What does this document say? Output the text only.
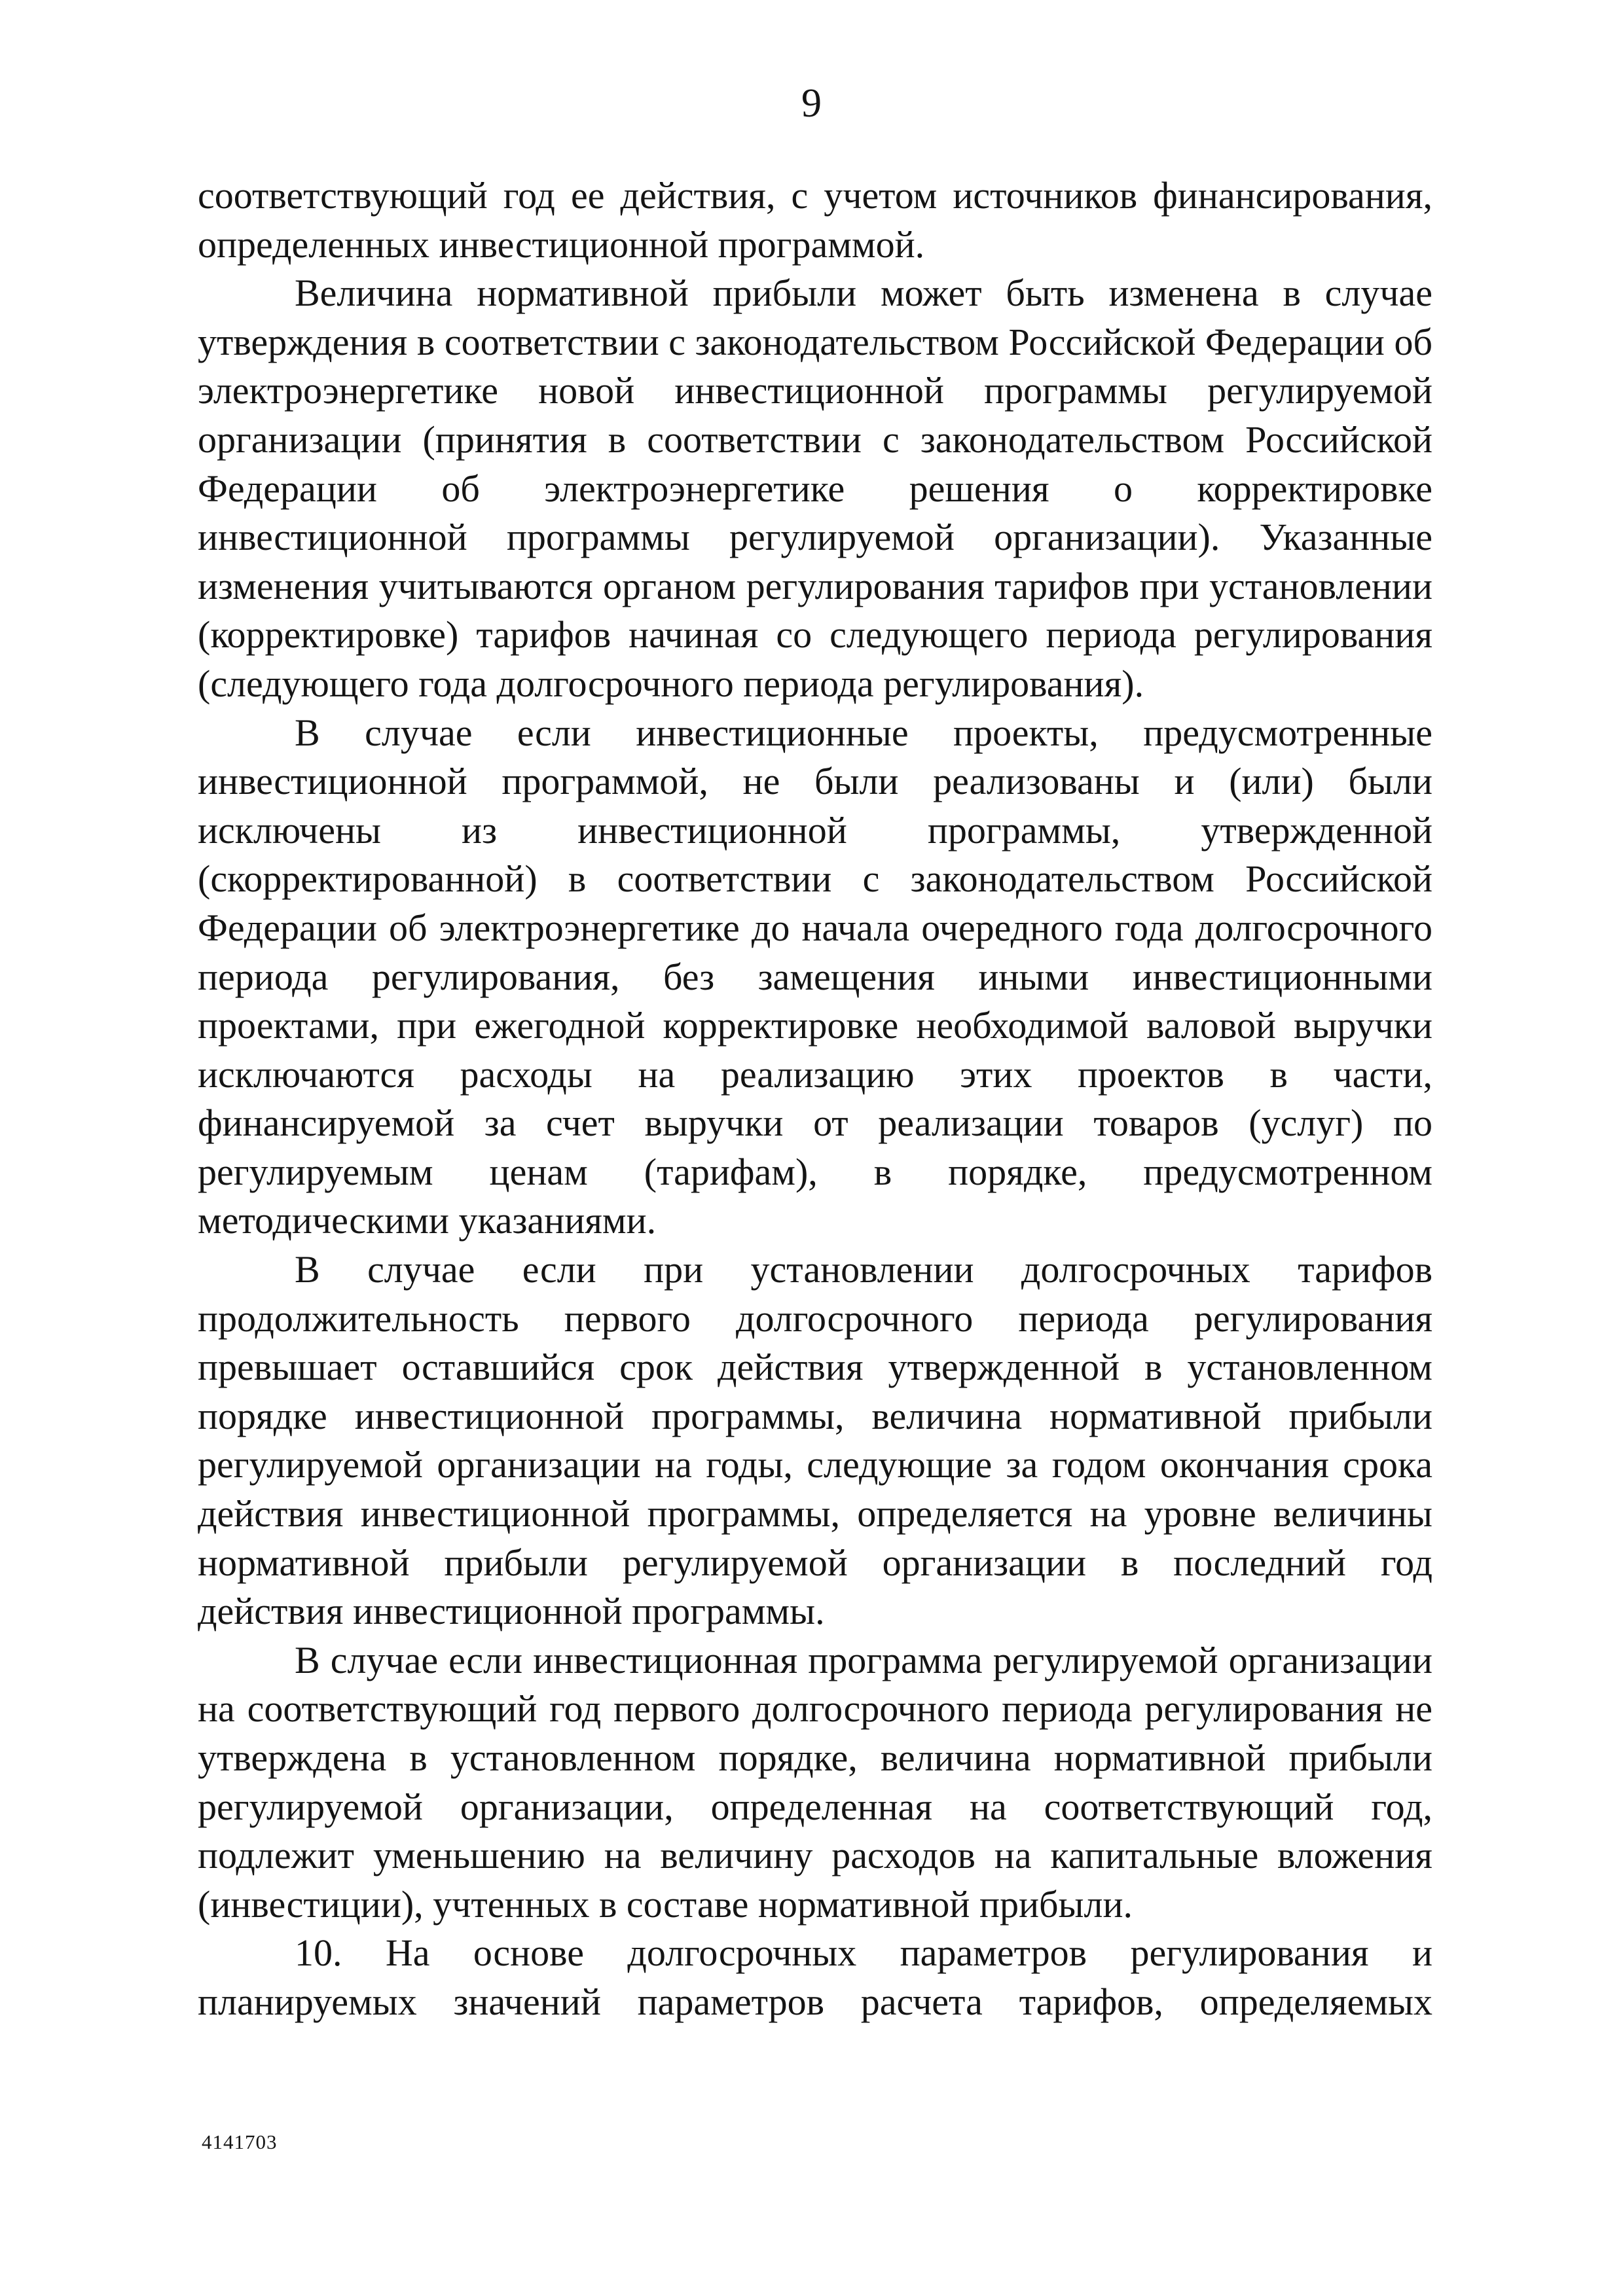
9

соответствующий год ее действия, с учетом источников финансирования, определенных инвестиционной программой.

Величина нормативной прибыли может быть изменена в случае утверждения в соответствии с законодательством Российской Федерации об электроэнергетике новой инвестиционной программы регулируемой организации (принятия в соответствии с законодательством Российской Федерации об электроэнергетике решения о корректировке инвестиционной программы регулируемой организации). Указанные изменения учитываются органом регулирования тарифов при установлении (корректировке) тарифов начиная со следующего периода регулирования (следующего года долгосрочного периода регулирования).

В случае если инвестиционные проекты, предусмотренные инвестиционной программой, не были реализованы и (или) были исключены из инвестиционной программы, утвержденной (скорректированной) в соответствии с законодательством Российской Федерации об электроэнергетике до начала очередного года долгосрочного периода регулирования, без замещения иными инвестиционными проектами, при ежегодной корректировке необходимой валовой выручки исключаются расходы на реализацию этих проектов в части, финансируемой за счет выручки от реализации товаров (услуг) по регулируемым ценам (тарифам), в порядке, предусмотренном методическими указаниями.

В случае если при установлении долгосрочных тарифов продолжительность первого долгосрочного периода регулирования превышает оставшийся срок действия утвержденной в установленном порядке инвестиционной программы, величина нормативной прибыли регулируемой организации на годы, следующие за годом окончания срока действия инвестиционной программы, определяется на уровне величины нормативной прибыли регулируемой организации в последний год действия инвестиционной программы.

В случае если инвестиционная программа регулируемой организации на соответствующий год первого долгосрочного периода регулирования не утверждена в установленном порядке, величина нормативной прибыли регулируемой организации, определенная на соответствующий год, подлежит уменьшению на величину расходов на капитальные вложения (инвестиции), учтенных в составе нормативной прибыли.

10. На основе долгосрочных параметров регулирования и планируемых значений параметров расчета тарифов, определяемых

4141703
